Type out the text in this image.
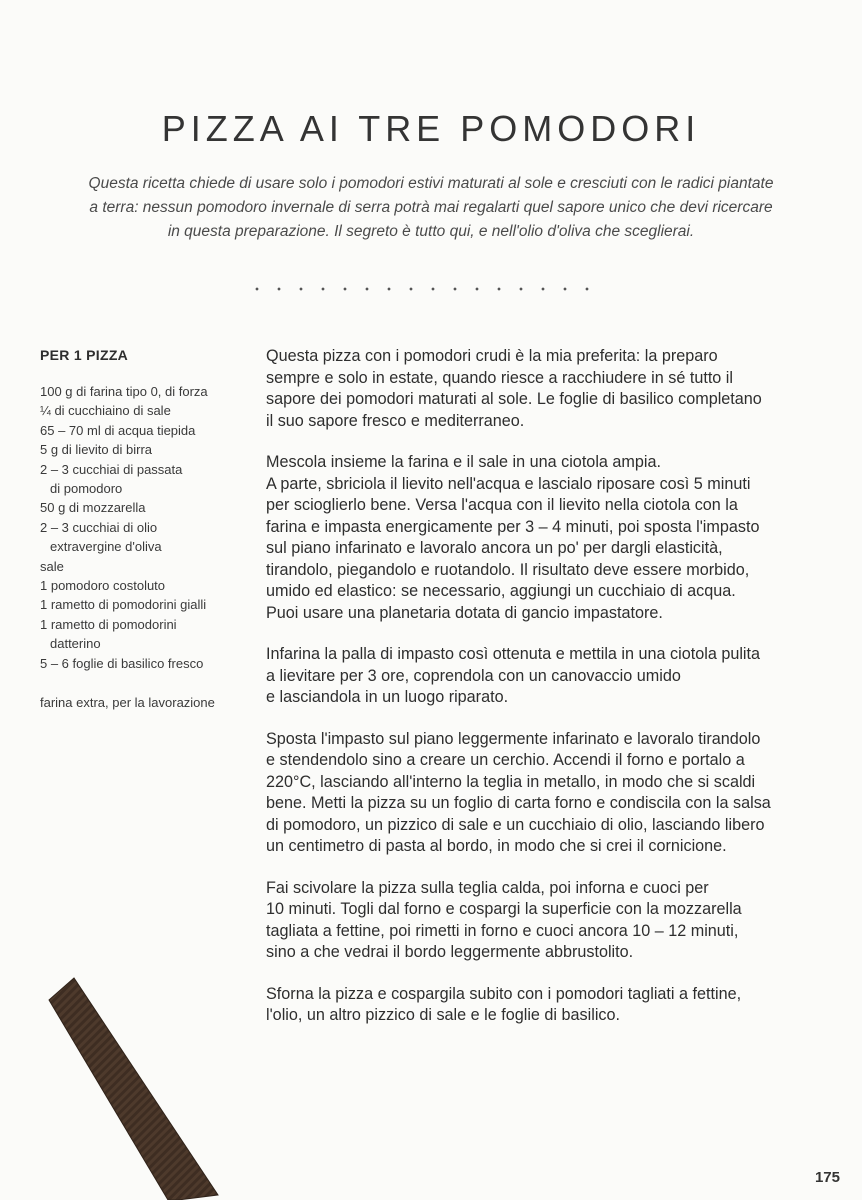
PIZZA AI TRE POMODORI
Questa ricetta chiede di usare solo i pomodori estivi maturati al sole e cresciuti con le radici piantate
a terra: nessun pomodoro invernale di serra potrà mai regalarti quel sapore unico che devi ricercare
in questa preparazione. Il segreto è tutto qui, e nell'olio d'oliva che sceglierai.
PER 1 PIZZA
100 g di farina tipo 0, di forza
¼ di cucchiaino di sale
65 – 70 ml di acqua tiepida
5 g di lievito di birra
2 – 3 cucchiai di passata
di pomodoro
50 g di mozzarella
2 – 3 cucchiai di olio
extravergine d'oliva
sale
1 pomodoro costoluto
1 rametto di pomodorini gialli
1 rametto di pomodorini
datterino
5 – 6 foglie di basilico fresco
farina extra, per la lavorazione

Questa pizza con i pomodori crudi è la mia preferita: la preparo
sempre e solo in estate, quando riesce a racchiudere in sé tutto il
sapore dei pomodori maturati al sole. Le foglie di basilico completano
il suo sapore fresco e mediterraneo.

Mescola insieme la farina e il sale in una ciotola ampia.
A parte, sbriciola il lievito nell'acqua e lascialo riposare così 5 minuti
per scioglierlo bene. Versa l'acqua con il lievito nella ciotola con la
farina e impasta energicamente per 3 – 4 minuti, poi sposta l'impasto
sul piano infarinato e lavoralo ancora un po' per dargli elasticità,
tirandolo, piegandolo e ruotandolo. Il risultato deve essere morbido,
umido ed elastico: se necessario, aggiungi un cucchiaio di acqua.
Puoi usare una planetaria dotata di gancio impastatore.

Infarina la palla di impasto così ottenuta e mettila in una ciotola pulita
a lievitare per 3 ore, coprendola con un canovaccio umido
e lasciandola in un luogo riparato.

Sposta l'impasto sul piano leggermente infarinato e lavoralo tirandolo
e stendendolo sino a creare un cerchio. Accendi il forno e portalo a
220°C, lasciando all'interno la teglia in metallo, in modo che si scaldi
bene. Metti la pizza su un foglio di carta forno e condiscila con la salsa
di pomodoro, un pizzico di sale e un cucchiaio di olio, lasciando libero
un centimetro di pasta al bordo, in modo che si crei il cornicione.

Fai scivolare la pizza sulla teglia calda, poi inforna e cuoci per
10 minuti. Togli dal forno e cospargi la superficie con la mozzarella
tagliata a fettine, poi rimetti in forno e cuoci ancora 10 – 12 minuti,
sino a che vedrai il bordo leggermente abbrustolito.

Sforna la pizza e cospargila subito con i pomodori tagliati a fettine,
l'olio, un altro pizzico di sale e le foglie di basilico.

175
